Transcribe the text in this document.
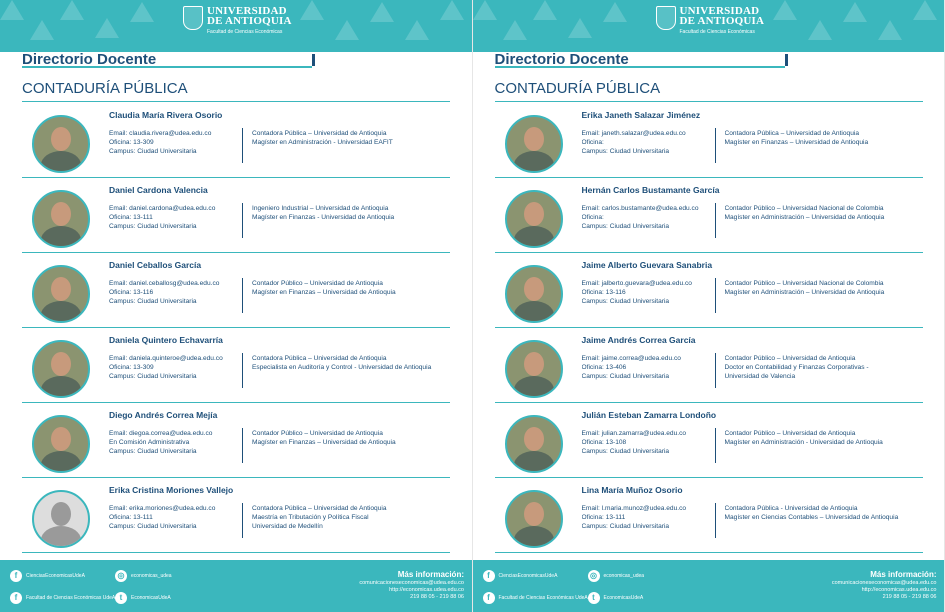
UNIVERSIDAD
DE ANTIOQUIA
Facultad de Ciencias Económicas
Directorio Docente
CONTADURÍA PÚBLICA
Claudia María Rivera Osorio
Email: claudia.rivera@udea.edu.co
Oficina: 13-309
Campus: Ciudad Universitaria
Contadora Pública – Universidad de Antioquia
Magíster en Administración - Universidad EAFIT
Daniel Cardona Valencia
Email: daniel.cardona@udea.edu.co
Oficina: 13-111
Campus: Ciudad Universitaria
Ingeniero Industrial – Universidad de Antioquia
Magíster en Finanzas - Universidad de Antioquia
Daniel Ceballos García
Email: daniel.ceballosg@udea.edu.co
Oficina: 13-116
Campus: Ciudad Universitaria
Contador Público – Universidad de Antioquia
Magíster en Finanzas – Universidad de Antioquia
Daniela Quintero Echavarría
Email: daniela.quinteroe@udea.edu.co
Oficina: 13-309
Campus: Ciudad Universitaria
Contadora Pública – Universidad de Antioquia
Especialista en Auditoría y Control - Universidad de Antioquia
Diego Andrés Correa Mejía
Email: diegoa.correa@udea.edu.co
En Comisión Administrativa
Campus: Ciudad Universitaria
Contador Público – Universidad de Antioquia
Magíster en Finanzas – Universidad de Antioquia
Erika Cristina Moriones Vallejo
Email: erika.moriones@udea.edu.co
Oficina: 13-111
Campus: Ciudad Universitaria
Contadora Pública – Universidad de Antioquia
Maestría en Tributación y Política Fiscal
Universidad de Medellín
f	CienciasEconomicasUdeA	◎	economicas_udea
f	Facultad de Ciencias Económicas UdeA t	EconomicasUdeA
Más información:
comunicacioneseconomicas@udea.edu.co
http://economicas.udea.edu.co
219 88 05 - 219 88 06
UNIVERSIDAD
DE ANTIOQUIA
Facultad de Ciencias Económicas
Directorio Docente
CONTADURÍA PÚBLICA
Erika Janeth Salazar Jiménez
Email: janeth.salazar@udea.edu.co
Oficina:
Campus: Ciudad Universitaria
Contadora Pública – Universidad de Antioquia
Magíster en Finanzas – Universidad de Antioquia
Hernán Carlos Bustamante García
Email: carlos.bustamante@udea.edu.co
Oficina:
Campus: Ciudad Universitaria
Contador Público – Universidad Nacional de Colombia
Magíster en Administración – Universidad de Antioquia
Jaime Alberto Guevara Sanabria
Email: jalberto.guevara@udea.edu.co
Oficina: 13-116
Campus: Ciudad Universitaria
Contador Público – Universidad Nacional de Colombia
Magíster en Administración – Universidad de Antioquia
Jaime Andrés Correa García
Email: jaime.correa@udea.edu.co
Oficina: 13-406
Campus: Ciudad Universitaria
Contador Público – Universidad de Antioquia
Doctor en Contabilidad y Finanzas Corporativas -
Universidad de Valencia
Julián Esteban Zamarra Londoño
Email: julian.zamarra@udea.edu.co
Oficina: 13-108
Campus: Ciudad Universitaria
Contador Público – Universidad de Antioquia
Magíster en Administración - Universidad de Antioquia
Lina María Muñoz Osorio
Email: l.maria.munoz@udea.edu.co
Oficina: 13-111
Campus: Ciudad Universitaria
Contadora Pública - Universidad de Antioquia
Magíster en Ciencias Contables – Universidad de Antioquia
f	CienciasEconomicasUdeA	◎	economicas_udea
f	Facultad de Ciencias Económicas UdeA t	EconomicasUdeA
Más información:
comunicacioneseconomicas@udea.edu.co
http://economicas.udea.edu.co
219 88 05 - 219 88 06
